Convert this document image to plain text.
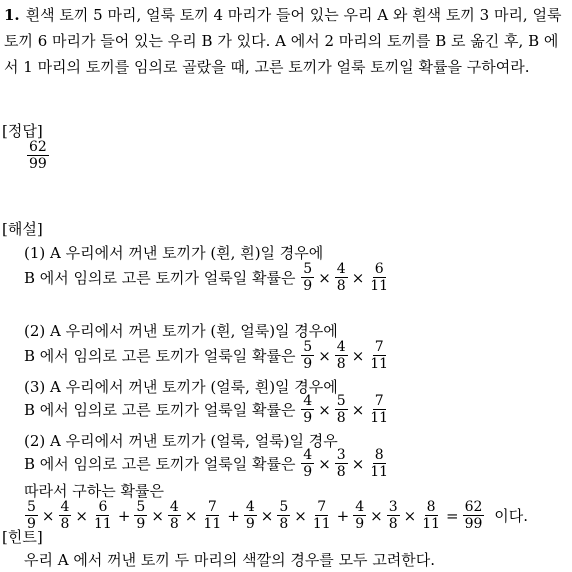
1. 흰색 토끼 5 마리, 얼룩 토끼 4 마리가 들어 있는 우리 A 와 흰색 토끼 3 마리, 얼룩 토끼 6 마리가 들어 있는 우리 B 가 있다. A 에서 2 마리의 토끼를 B 로 옮긴 후, B 에서 1 마리의 토끼를 임의로 골랐을 때, 고른 토끼가 얼룩 토끼일 확률을 구하여라.
[정답]
$\frac{62}{99}$
[해설]
(1) A 우리에서 꺼낸 토끼가 (흰, 흰)일 경우에
B 에서 임의로 고른 토끼가 얼룩일 확률은 $\frac{5}{9} \times \frac{4}{8} \times \frac{6}{11}$
(2) A 우리에서 꺼낸 토끼가 (흰, 얼룩)일 경우에
B 에서 임의로 고른 토끼가 얼룩일 확률은 $\frac{5}{9} \times \frac{4}{8} \times \frac{7}{11}$
(3) A 우리에서 꺼낸 토끼가 (얼룩, 흰)일 경우에
B 에서 임의로 고른 토끼가 얼룩일 확률은 $\frac{4}{9} \times \frac{5}{8} \times \frac{7}{11}$
(2) A 우리에서 꺼낸 토끼가 (얼룩, 얼룩)일 경우
B 에서 임의로 고른 토끼가 얼룩일 확률은 $\frac{4}{9} \times \frac{3}{8} \times \frac{8}{11}$
따라서 구하는 확률은
$\frac{5}{9} \times \frac{4}{8} \times \frac{6}{11} + \frac{5}{9} \times \frac{4}{8} \times \frac{7}{11} + \frac{4}{9} \times \frac{5}{8} \times \frac{7}{11} + \frac{4}{9} \times \frac{3}{8} \times \frac{8}{11} = \frac{62}{99}$ 이다.
[힌트]
우리 A 에서 꺼낸 토끼 두 마리의 색깔의 경우를 모두 고려한다.
